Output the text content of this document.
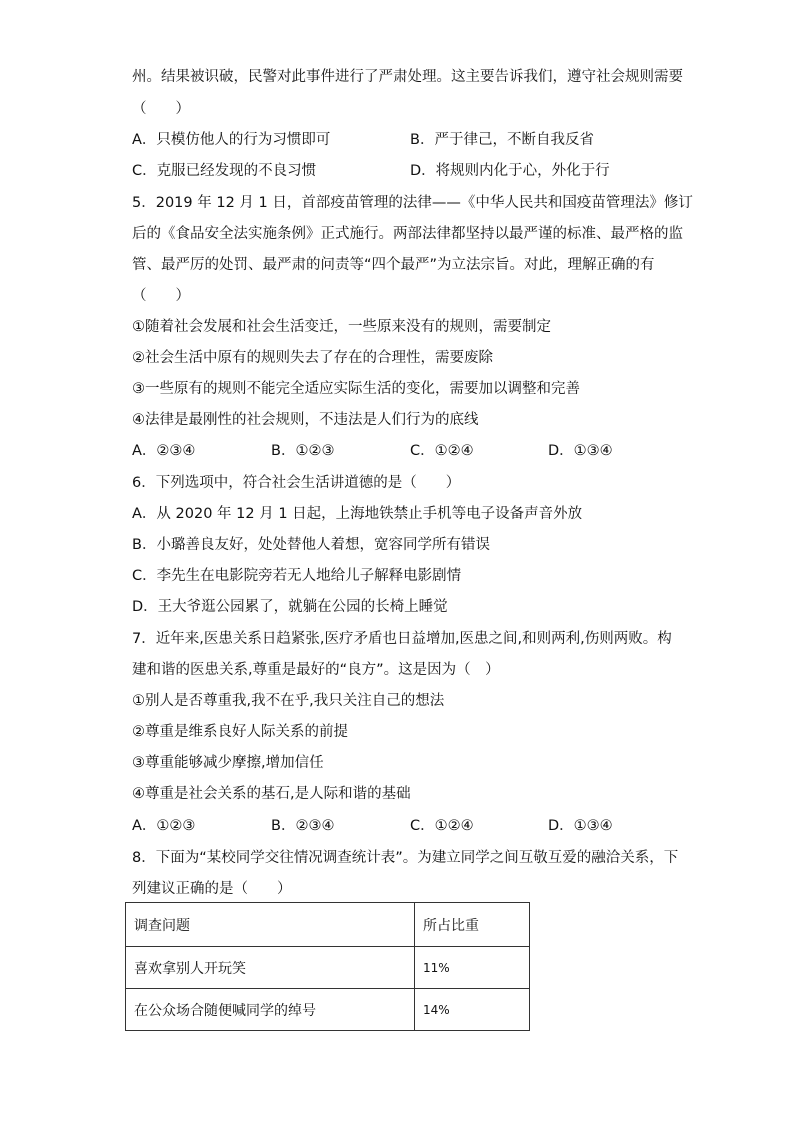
州。结果被识破，民警对此事件进行了严肃处理。这主要告诉我们，遵守社会规则需要
（　　）
A．只模仿他人的行为习惯即可	B．严于律己，不断自我反省
C．克服已经发现的不良习惯	D．将规则内化于心，外化于行
5．2019 年 12 月 1 日，首部疫苗管理的法律——《中华人民共和国疫苗管理法》修订
后的《食品安全法实施条例》正式施行。两部法律都坚持以最严谨的标准、最严格的监
管、最严厉的处罚、最严肃的问责等“四个最严”为立法宗旨。对此，理解正确的有
（　　）
①随着社会发展和社会生活变迁，一些原来没有的规则，需要制定
②社会生活中原有的规则失去了存在的合理性，需要废除
③一些原有的规则不能完全适应实际生活的变化，需要加以调整和完善
④法律是最刚性的社会规则，不违法是人们行为的底线
A．②③④	B．①②③	C．①②④	D．①③④
6．下列选项中，符合社会生活讲道德的是（　　）
A．从 2020 年 12 月 1 日起，上海地铁禁止手机等电子设备声音外放
B．小璐善良友好，处处替他人着想，宽容同学所有错误
C．李先生在电影院旁若无人地给儿子解释电影剧情
D．王大爷逛公园累了，就躺在公园的长椅上睡觉
7．近年来,医患关系日趋紧张,医疗矛盾也日益增加,医患之间,和则两利,伤则两败。构
建和谐的医患关系,尊重是最好的“良方”。这是因为（　）
①别人是否尊重我,我不在乎,我只关注自己的想法
②尊重是维系良好人际关系的前提
③尊重能够减少摩擦,增加信任
④尊重是社会关系的基石,是人际和谐的基础
A．①②③	B．②③④	C．①②④	D．①③④
8．下面为“某校同学交往情况调查统计表”。为建立同学之间互敬互爱的融洽关系，下
列建议正确的是（　　）
调查问题	所占比重
喜欢拿别人开玩笑	11%
在公众场合随便喊同学的绰号	14%
